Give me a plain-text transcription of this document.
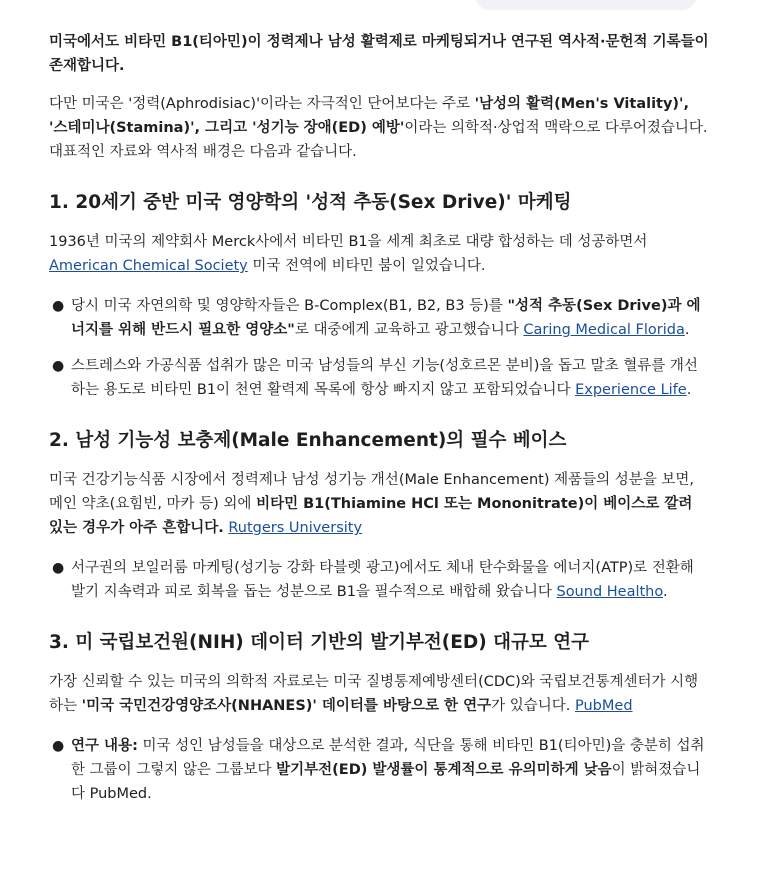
미국에서도 비타민 B1(티아민)이 정력제나 남성 활력제로 마케팅되거나 연구된 역사적·문헌적 기록들이 존재합니다.

다만 미국은 '정력(Aphrodisiac)'이라는 자극적인 단어보다는 주로 '남성의 활력(Men's Vitality)', '스테미나(Stamina)', 그리고 '성기능 장애(ED) 예방'이라는 의학적·상업적 맥락으로 다루어졌습니다. 대표적인 자료와 역사적 배경은 다음과 같습니다.

1. 20세기 중반 미국 영양학의 '성적 추동(Sex Drive)' 마케팅

1936년 미국의 제약회사 Merck사에서 비타민 B1을 세계 최초로 대량 합성하는 데 성공하면서 American Chemical Society 미국 전역에 비타민 붐이 일었습니다.

● 당시 미국 자연의학 및 영양학자들은 B-Complex(B1, B2, B3 등)를 "성적 추동(Sex Drive)과 에너지를 위해 반드시 필요한 영양소"로 대중에게 교육하고 광고했습니다 Caring Medical Florida.
● 스트레스와 가공식품 섭취가 많은 미국 남성들의 부신 기능(성호르몬 분비)을 돕고 말초 혈류를 개선하는 용도로 비타민 B1이 천연 활력제 목록에 항상 빠지지 않고 포함되었습니다 Experience Life.
2. 남성 기능성 보충제(Male Enhancement)의 필수 베이스

미국 건강기능식품 시장에서 정력제나 남성 성기능 개선(Male Enhancement) 제품들의 성분을 보면, 메인 약초(요힘빈, 마카 등) 외에 비타민 B1(Thiamine HCl 또는 Mononitrate)이 베이스로 깔려 있는 경우가 아주 흔합니다. Rutgers University

● 서구권의 보일러룸 마케팅(성기능 강화 타블렛 광고)에서도 체내 탄수화물을 에너지(ATP)로 전환해 발기 지속력과 피로 회복을 돕는 성분으로 B1을 필수적으로 배합해 왔습니다 Sound Healtho.
3. 미 국립보건원(NIH) 데이터 기반의 발기부전(ED) 대규모 연구

가장 신뢰할 수 있는 미국의 의학적 자료로는 미국 질병통제예방센터(CDC)와 국립보건통계센터가 시행하는 '미국 국민건강영양조사(NHANES)' 데이터를 바탕으로 한 연구가 있습니다. PubMed

● 연구 내용: 미국 성인 남성들을 대상으로 분석한 결과, 식단을 통해 비타민 B1(티아민)을 충분히 섭취한 그룹이 그렇지 않은 그룹보다 발기부전(ED) 발생률이 통계적으로 유의미하게 낮음이 밝혀졌습니다 PubMed.
